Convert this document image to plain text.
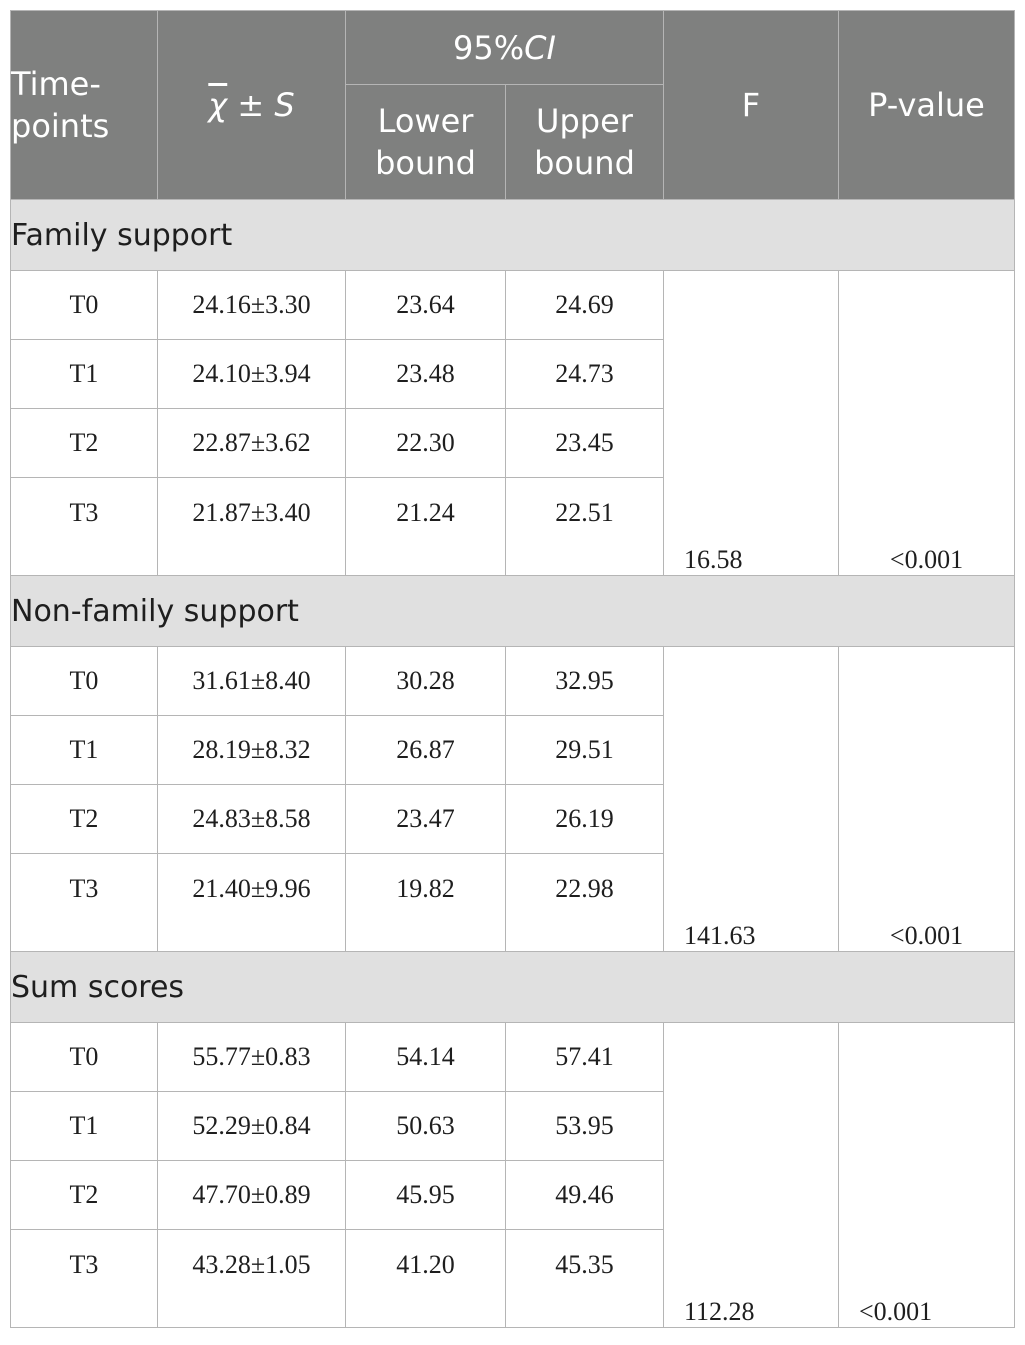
Time-points	$\overline{\chi} \pm S$	95%CI		F	P-value
		Lower bound	Upper bound		
Family support					
T0	24.16±3.30	23.64	24.69	16.58	<0.001
T1	24.10±3.94	23.48	24.73		
T2	22.87±3.62	22.30	23.45		
T3	21.87±3.40	21.24	22.51		
Non-family support					
T0	31.61±8.40	30.28	32.95	141.63	<0.001
T1	28.19±8.32	26.87	29.51		
T2	24.83±8.58	23.47	26.19		
T3	21.40±9.96	19.82	22.98		
Sum scores					
T0	55.77±0.83	54.14	57.41	112.28	<0.001
T1	52.29±0.84	50.63	53.95		
T2	47.70±0.89	45.95	49.46		
T3	43.28±1.05	41.20	45.35		
